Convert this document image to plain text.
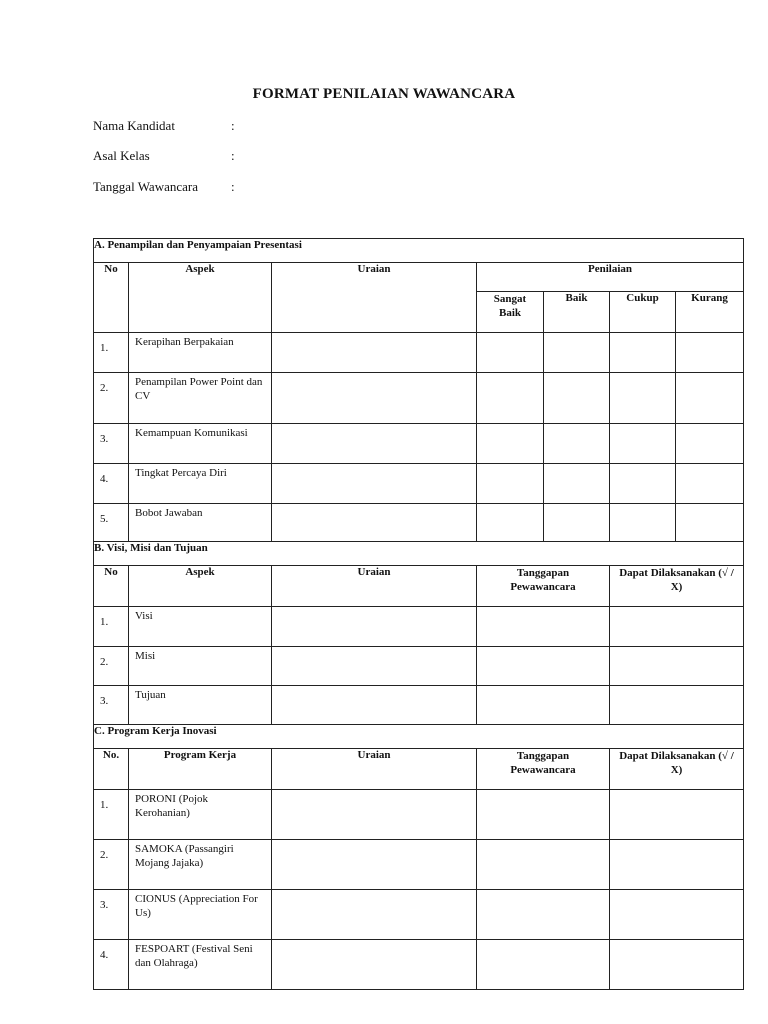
FORMAT PENILAIAN WAWANCARA
Nama Kandidat	:
Asal Kelas	:
Tanggal Wawancara	:
A. Penampilan dan Penyampaian Presentasi						
No	Aspek	Uraian	Penilaian			
			Sangat Baik	Baik	Cukup	Kurang
1.	Kerapihan Berpakaian					
2.	Penampilan Power Point dan CV					
3.	Kemampuan Komunikasi					
4.	Tingkat Percaya Diri					
5.	Bobot Jawaban					
B. Visi, Misi dan Tujuan						
No	Aspek	Uraian	Tanggapan Pewawancara		Dapat Dilaksanakan (√ / X)	
1.	Visi					
2.	Misi					
3.	Tujuan					
C. Program Kerja Inovasi						
No.	Program Kerja	Uraian	Tanggapan Pewawancara		Dapat Dilaksanakan (√ / X)	
1.	PORONI (Pojok Kerohanian)					
2.	SAMOKA (Passangiri Mojang Jajaka)					
3.	CIONUS (Appreciation For Us)					
4.	FESPOART (Festival Seni dan Olahraga)					
